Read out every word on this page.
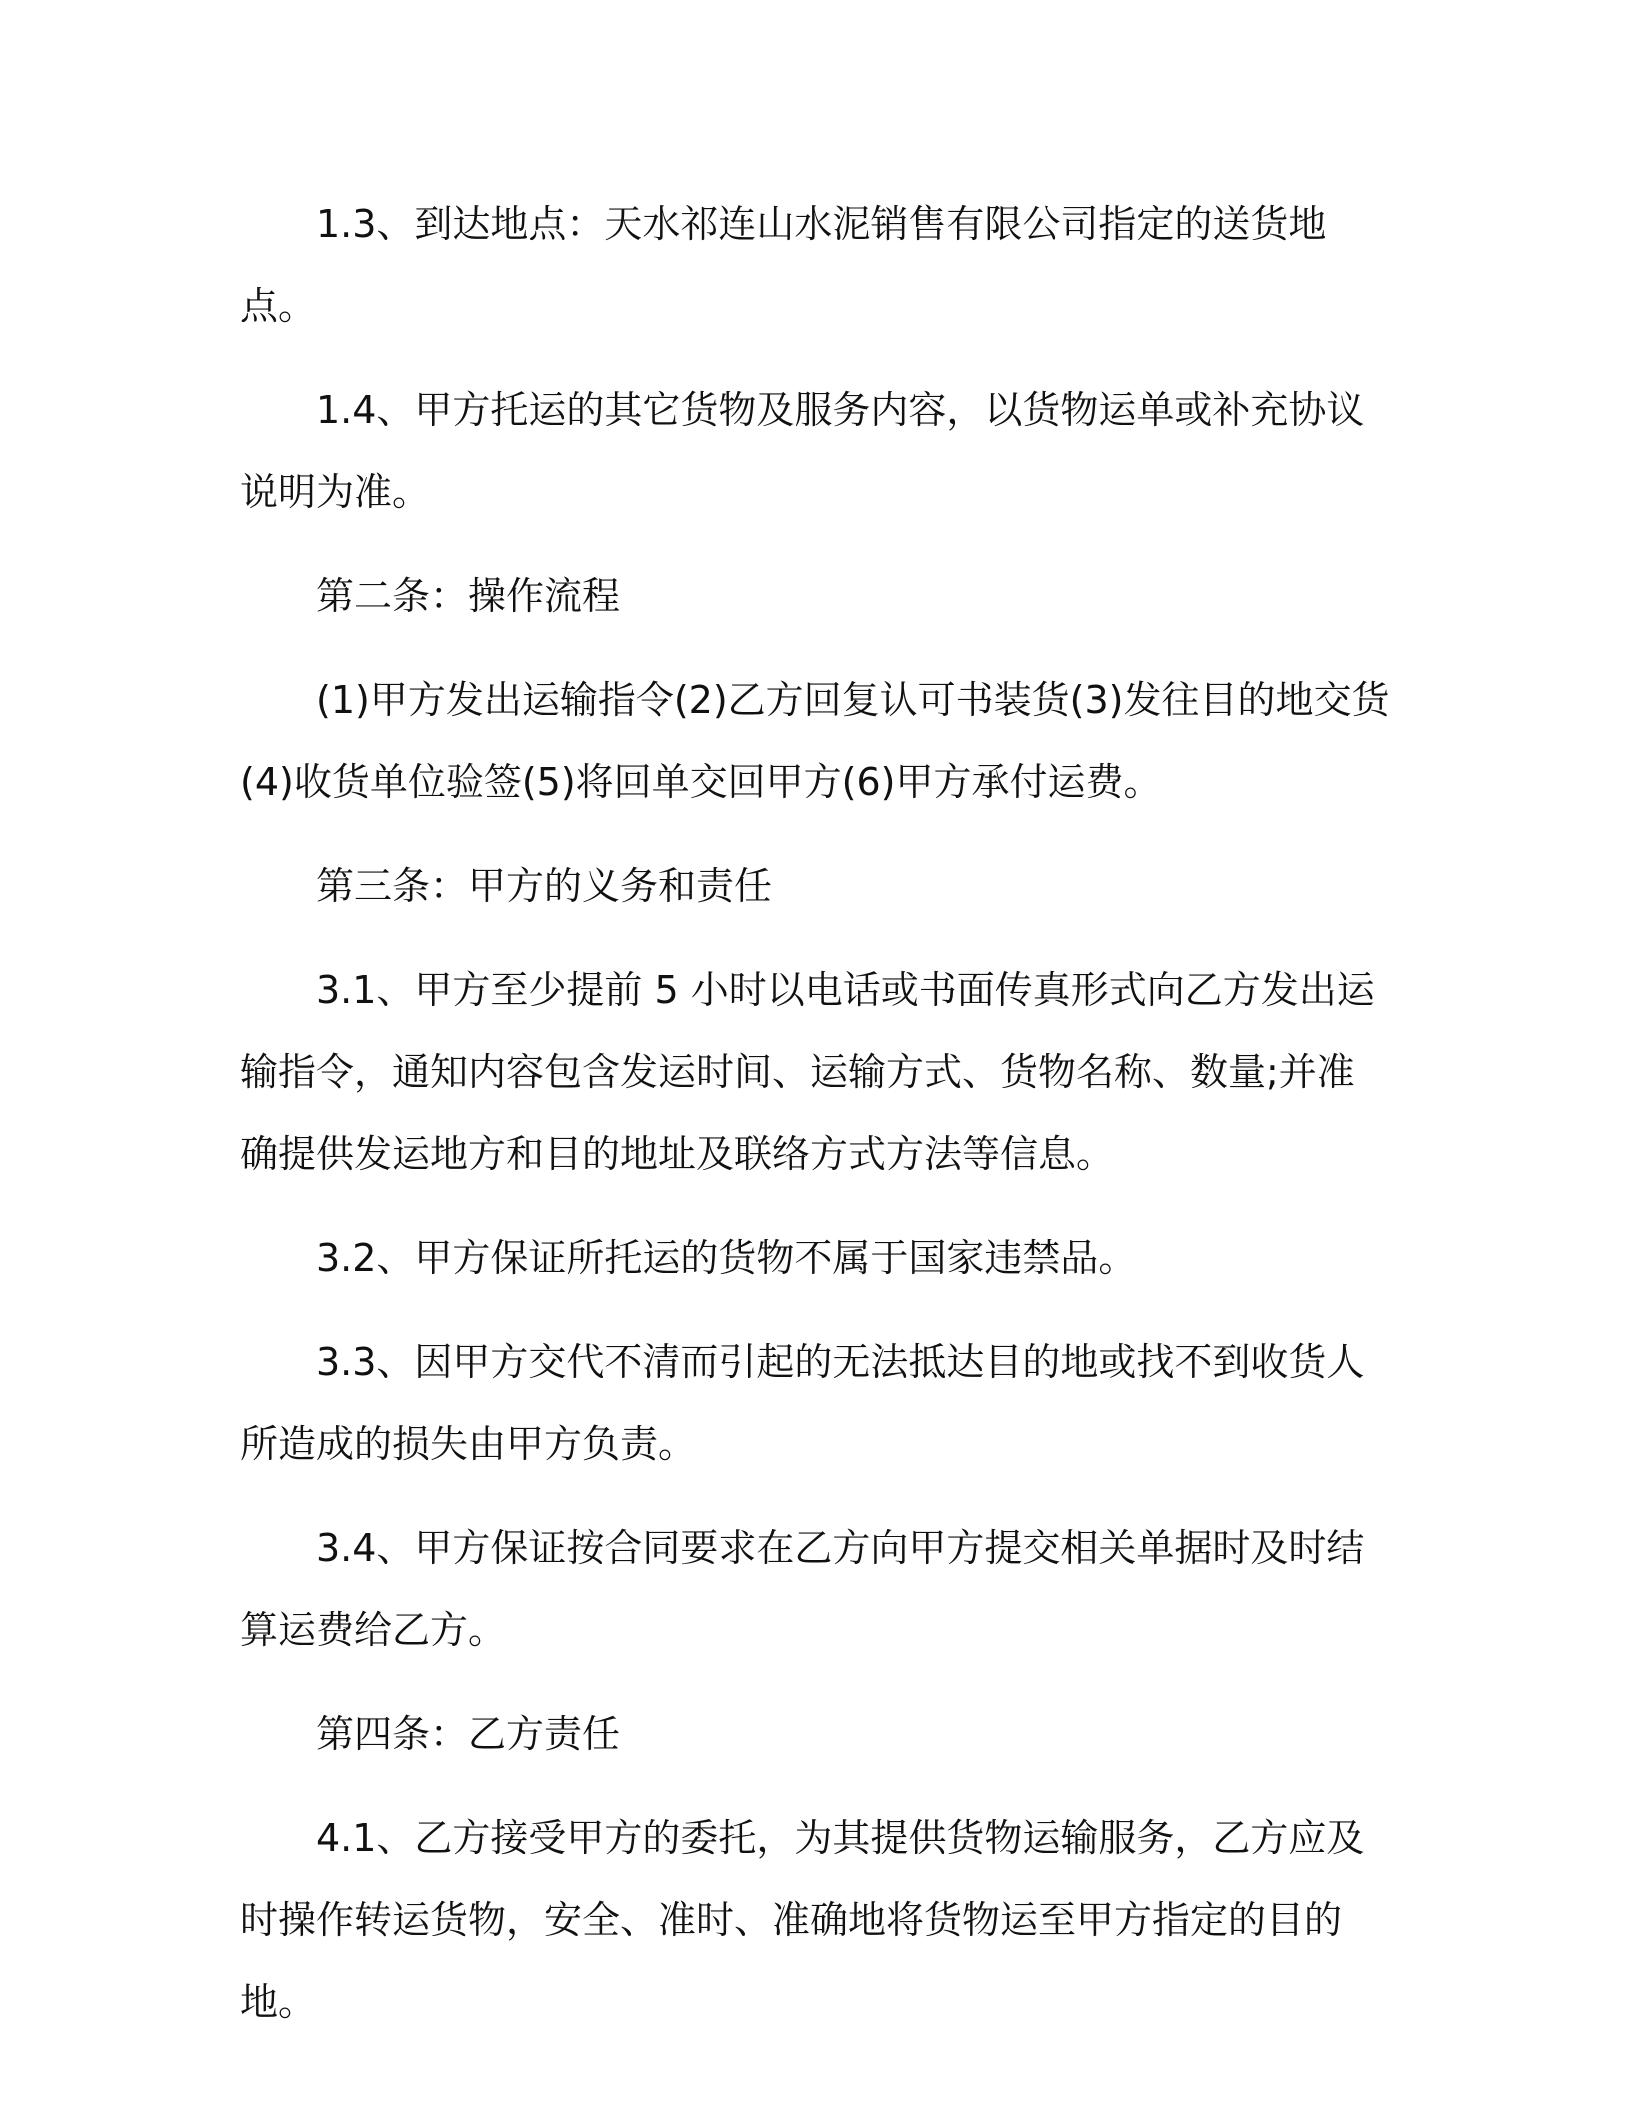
1.3、到达地点：天水祁连山水泥销售有限公司指定的送货地点。

1.4、甲方托运的其它货物及服务内容，以货物运单或补充协议说明为准。

第二条：操作流程

(1)甲方发出运输指令(2)乙方回复认可书装货(3)发往目的地交货(4)收货单位验签(5)将回单交回甲方(6)甲方承付运费。

第三条：甲方的义务和责任

3.1、甲方至少提前 5 小时以电话或书面传真形式向乙方发出运输指令，通知内容包含发运时间、运输方式、货物名称、数量;并准确提供发运地方和目的地址及联络方式方法等信息。

3.2、甲方保证所托运的货物不属于国家违禁品。

3.3、因甲方交代不清而引起的无法抵达目的地或找不到收货人所造成的损失由甲方负责。

3.4、甲方保证按合同要求在乙方向甲方提交相关单据时及时结算运费给乙方。

第四条：乙方责任

4.1、乙方接受甲方的委托，为其提供货物运输服务，乙方应及时操作转运货物，安全、准时、准确地将货物运至甲方指定的目的地。
